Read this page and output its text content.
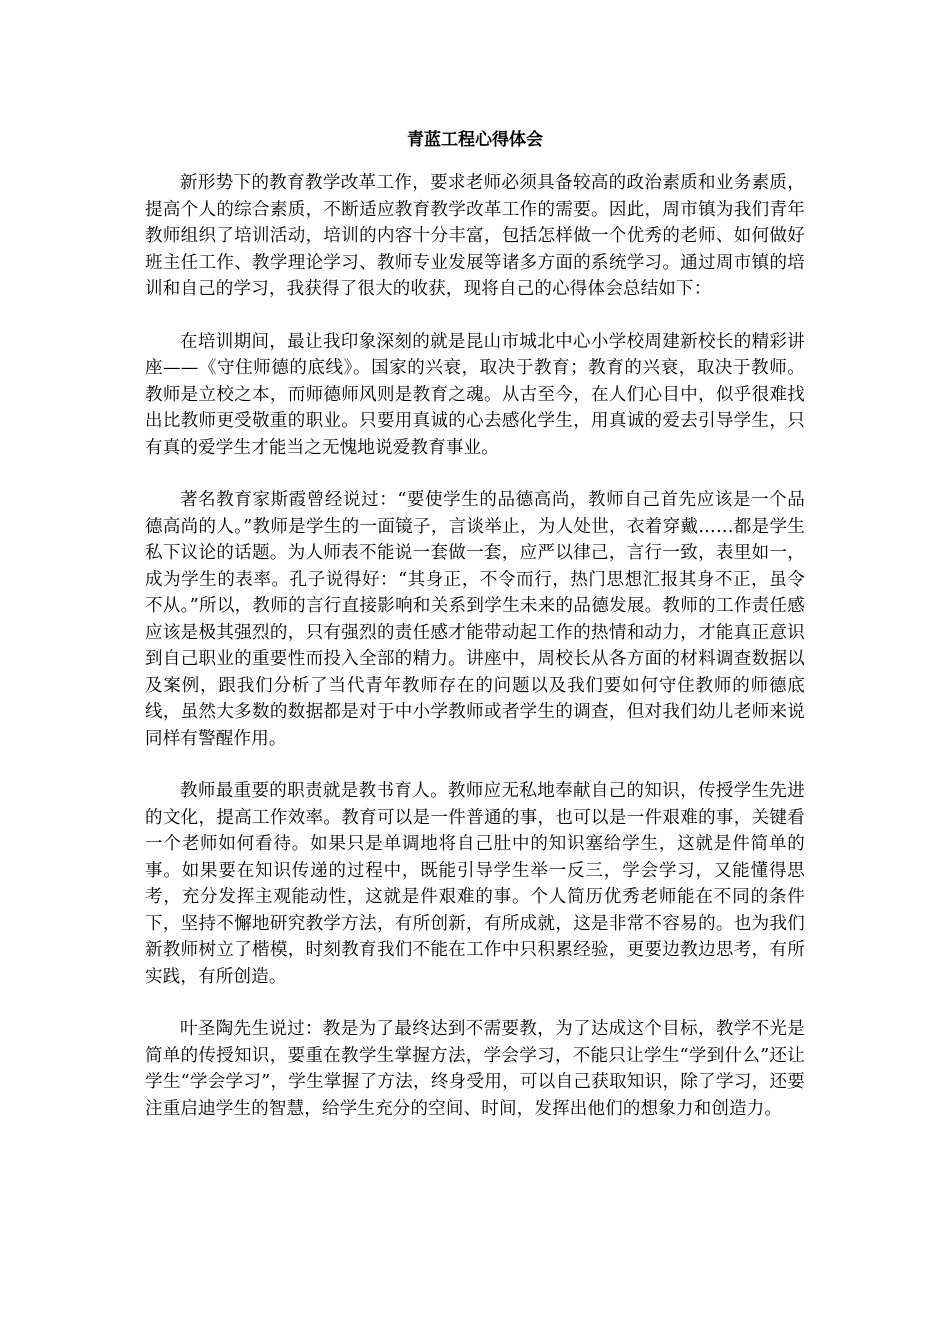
青蓝工程心得体会

新形势下的教育教学改革工作，要求老师必须具备较高的政治素质和业务素质，提高个人的综合素质，不断适应教育教学改革工作的需要。因此，周市镇为我们青年教师组织了培训活动，培训的内容十分丰富，包括怎样做一个优秀的老师、如何做好班主任工作、教学理论学习、教师专业发展等诸多方面的系统学习。通过周市镇的培训和自己的学习，我获得了很大的收获，现将自己的心得体会总结如下：

在培训期间，最让我印象深刻的就是昆山市城北中心小学校周建新校长的精彩讲座——《守住师德的底线》。国家的兴衰，取决于教育；教育的兴衰，取决于教师。教师是立校之本，而师德师风则是教育之魂。从古至今，在人们心目中，似乎很难找出比教师更受敬重的职业。只要用真诚的心去感化学生，用真诚的爱去引导学生，只有真的爱学生才能当之无愧地说爱教育事业。

著名教育家斯霞曾经说过：“要使学生的品德高尚，教师自己首先应该是一个品德高尚的人。”教师是学生的一面镜子，言谈举止，为人处世，衣着穿戴……都是学生私下议论的话题。为人师表不能说一套做一套，应严以律己，言行一致，表里如一，成为学生的表率。孔子说得好：“其身正，不令而行，热门思想汇报其身不正，虽令不从。”所以，教师的言行直接影响和关系到学生未来的品德发展。教师的工作责任感应该是极其强烈的，只有强烈的责任感才能带动起工作的热情和动力，才能真正意识到自己职业的重要性而投入全部的精力。讲座中，周校长从各方面的材料调查数据以及案例，跟我们分析了当代青年教师存在的问题以及我们要如何守住教师的师德底线，虽然大多数的数据都是对于中小学教师或者学生的调查，但对我们幼儿老师来说同样有警醒作用。

教师最重要的职责就是教书育人。教师应无私地奉献自己的知识，传授学生先进的文化，提高工作效率。教育可以是一件普通的事，也可以是一件艰难的事，关键看一个老师如何看待。如果只是单调地将自己肚中的知识塞给学生，这就是件简单的事。如果要在知识传递的过程中，既能引导学生举一反三，学会学习，又能懂得思考，充分发挥主观能动性，这就是件艰难的事。个人简历优秀老师能在不同的条件下，坚持不懈地研究教学方法，有所创新，有所成就，这是非常不容易的。也为我们新教师树立了楷模，时刻教育我们不能在工作中只积累经验，更要边教边思考，有所实践，有所创造。

叶圣陶先生说过：教是为了最终达到不需要教，为了达成这个目标，教学不光是简单的传授知识，要重在教学生掌握方法，学会学习，不能只让学生“学到什么”还让学生“学会学习”，学生掌握了方法，终身受用，可以自己获取知识，除了学习，还要注重启迪学生的智慧，给学生充分的空间、时间，发挥出他们的想象力和创造力。
